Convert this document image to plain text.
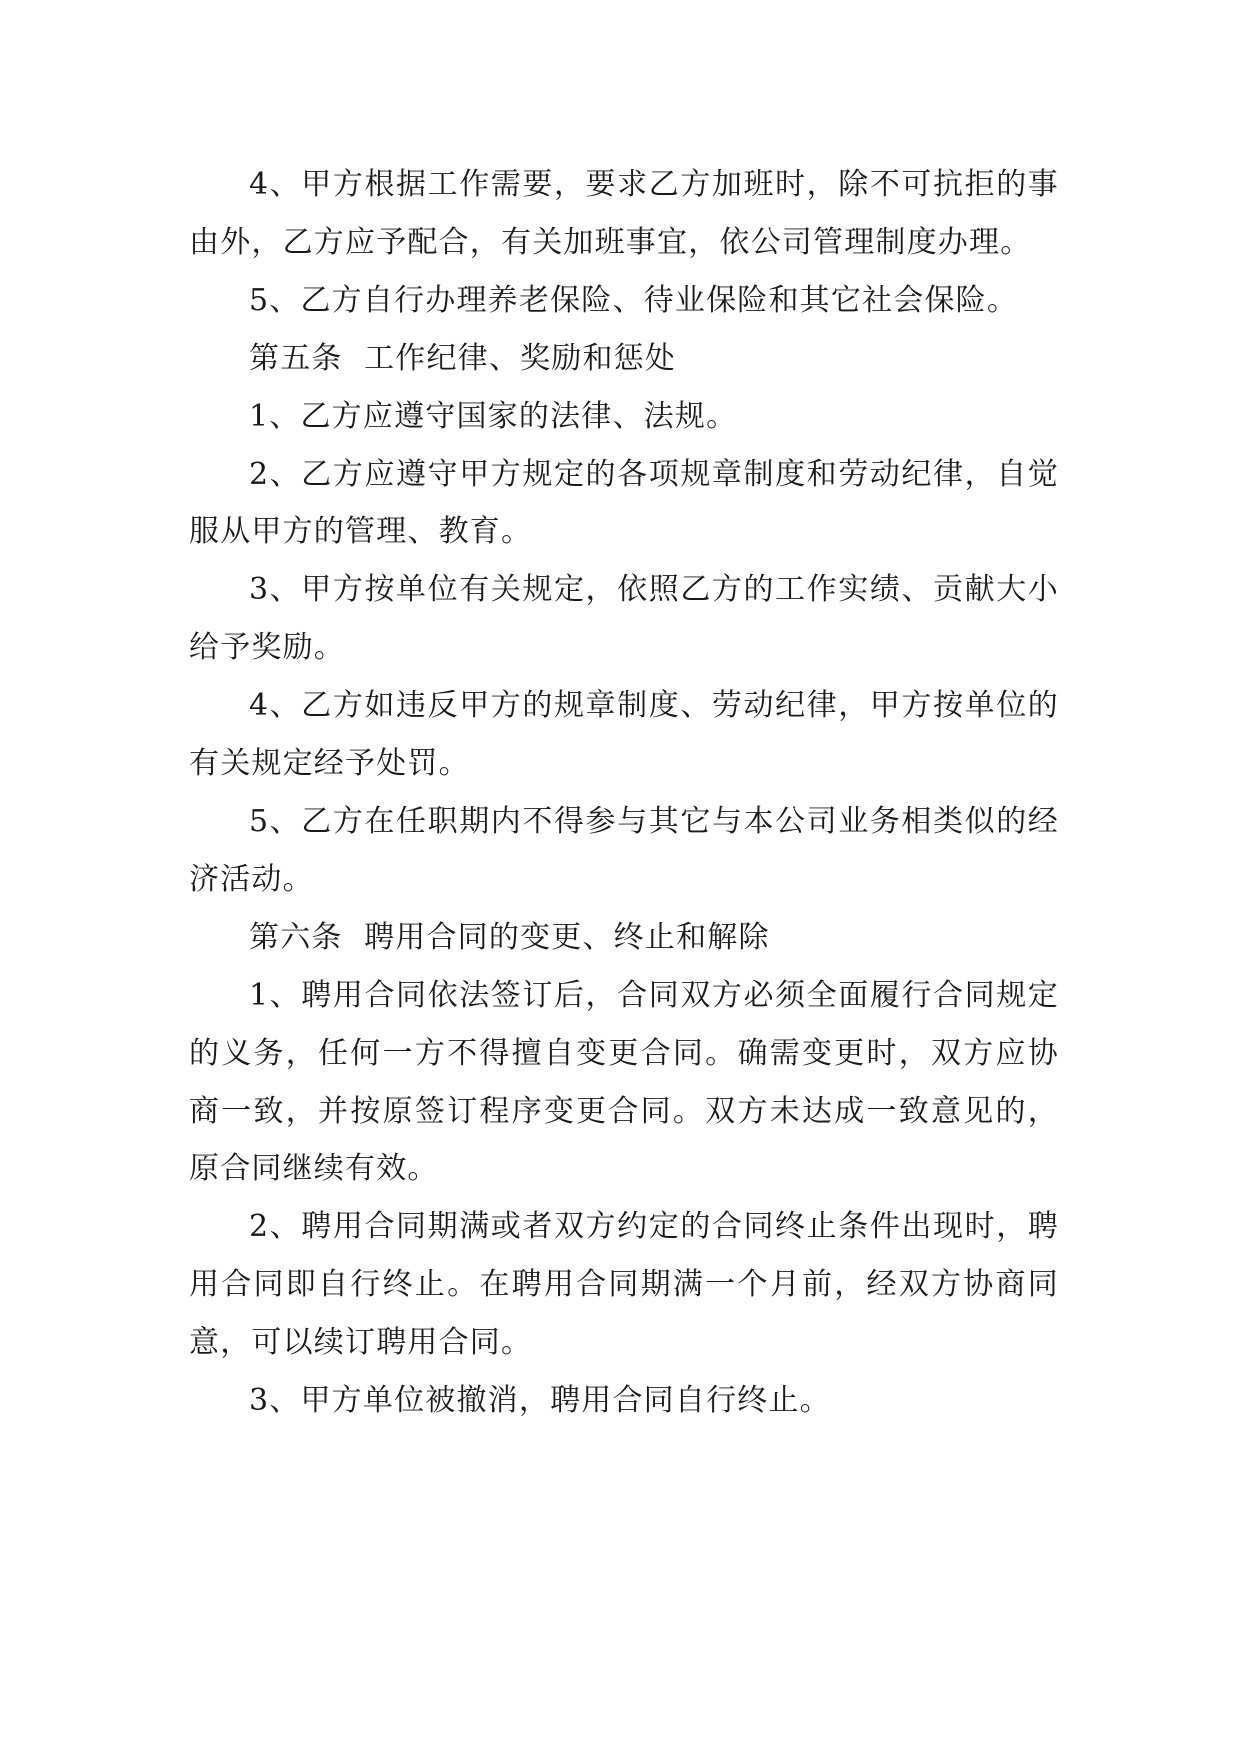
4、甲方根据工作需要，要求乙方加班时，除不可抗拒的事由外，乙方应予配合，有关加班事宜，依公司管理制度办理。

5、乙方自行办理养老保险、待业保险和其它社会保险。

第五条  工作纪律、奖励和惩处

1、乙方应遵守国家的法律、法规。

2、乙方应遵守甲方规定的各项规章制度和劳动纪律，自觉服从甲方的管理、教育。

3、甲方按单位有关规定，依照乙方的工作实绩、贡献大小给予奖励。

4、乙方如违反甲方的规章制度、劳动纪律，甲方按单位的有关规定经予处罚。

5、乙方在任职期内不得参与其它与本公司业务相类似的经济活动。

第六条  聘用合同的变更、终止和解除

1、聘用合同依法签订后，合同双方必须全面履行合同规定的义务，任何一方不得擅自变更合同。确需变更时，双方应协商一致，并按原签订程序变更合同。双方未达成一致意见的，原合同继续有效。

2、聘用合同期满或者双方约定的合同终止条件出现时，聘用合同即自行终止。在聘用合同期满一个月前，经双方协商同意，可以续订聘用合同。

3、甲方单位被撤消，聘用合同自行终止。
